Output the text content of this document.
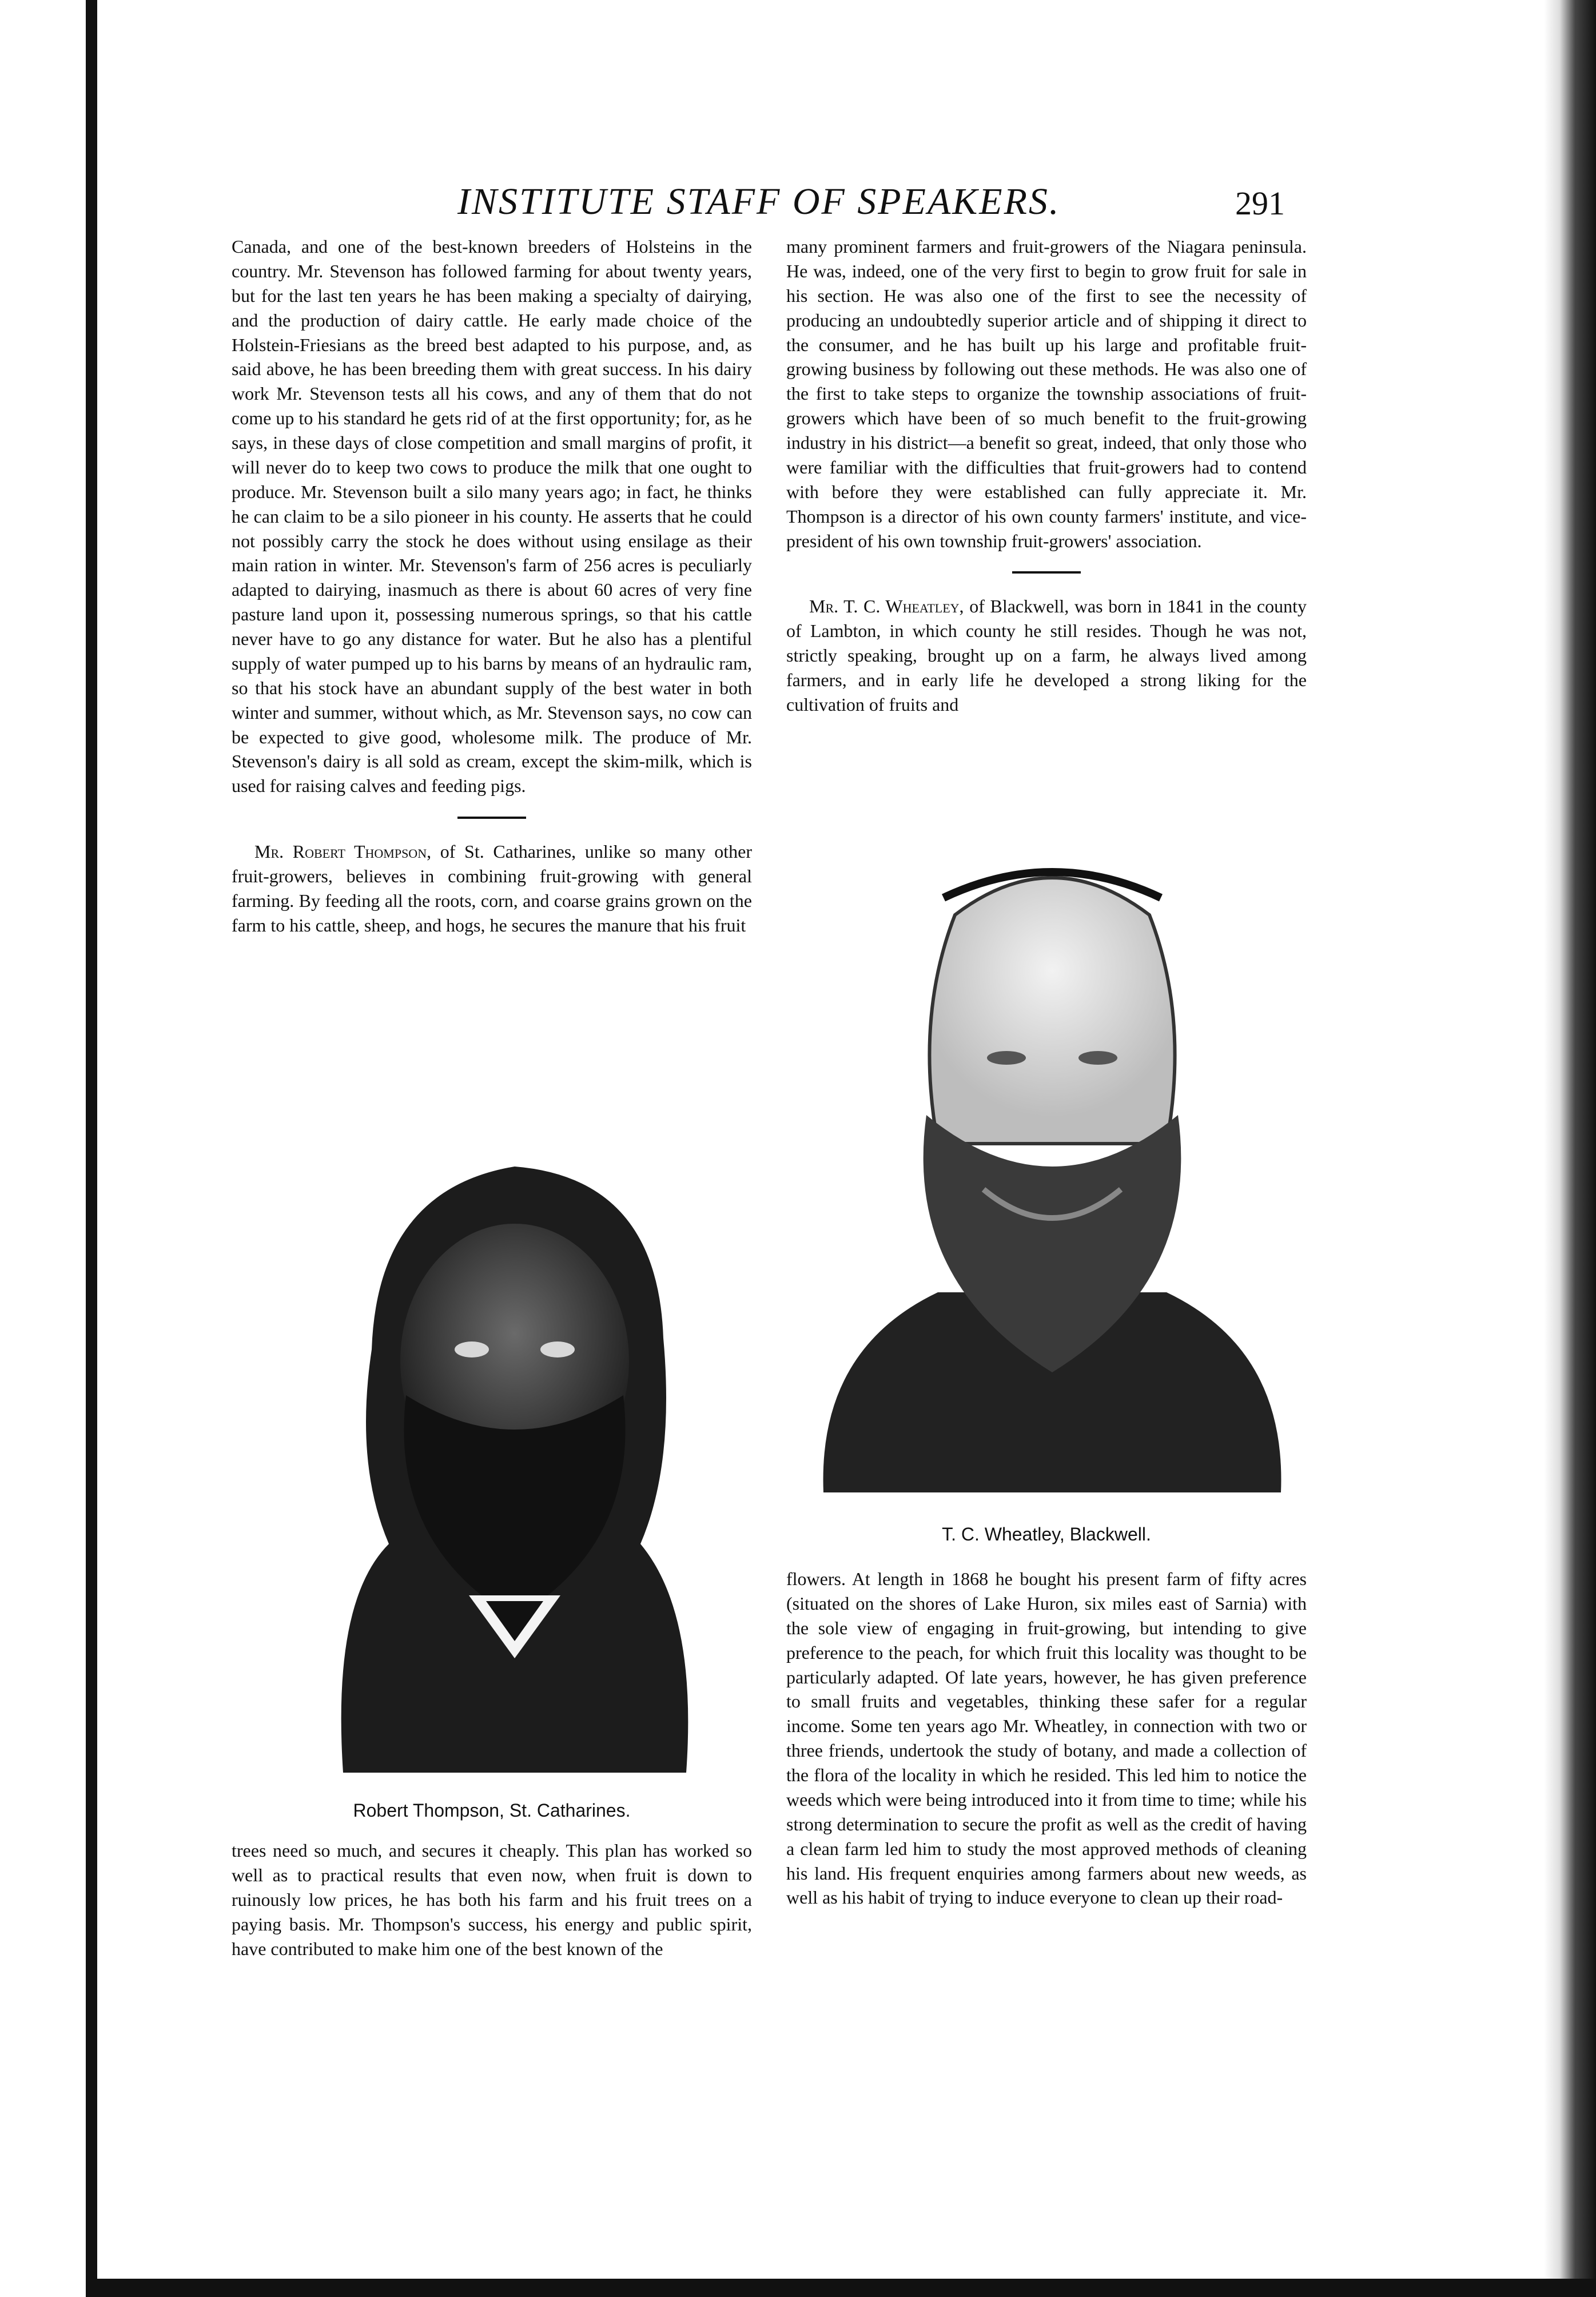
INSTITUTE STAFF OF SPEAKERS.	291

Canada, and one of the best-known breeders of Holsteins in the country. Mr. Stevenson has followed farming for about twenty years, but for the last ten years he has been making a specialty of dairying, and the production of dairy cattle. He early made choice of the Holstein-Friesians as the breed best adapted to his purpose, and, as said above, he has been breeding them with great success. In his dairy work Mr. Stevenson tests all his cows, and any of them that do not come up to his standard he gets rid of at the first opportunity; for, as he says, in these days of close competition and small margins of profit, it will never do to keep two cows to produce the milk that one ought to produce. Mr. Stevenson built a silo many years ago; in fact, he thinks he can claim to be a silo pioneer in his county. He asserts that he could not possibly carry the stock he does without using ensilage as their main ration in winter. Mr. Stevenson's farm of 256 acres is peculiarly adapted to dairying, inasmuch as there is about 60 acres of very fine pasture land upon it, possessing numerous springs, so that his cattle never have to go any distance for water. But he also has a plentiful supply of water pumped up to his barns by means of an hydraulic ram, so that his stock have an abundant supply of the best water in both winter and summer, without which, as Mr. Stevenson says, no cow can be expected to give good, wholesome milk. The produce of Mr. Stevenson's dairy is all sold as cream, except the skim-milk, which is used for raising calves and feeding pigs.

Mr. Robert Thompson, of St. Catharines, unlike so many other fruit-growers, believes in combining fruit-growing with general farming. By feeding all the roots, corn, and coarse grains grown on the farm to his cattle, sheep, and hogs, he secures the manure that his fruit

Robert Thompson, St. Catharines.

trees need so much, and secures it cheaply. This plan has worked so well as to practical results that even now, when fruit is down to ruinously low prices, he has both his farm and his fruit trees on a paying basis. Mr. Thompson's success, his energy and public spirit, have contributed to make him one of the best known of the

many prominent farmers and fruit-growers of the Niagara peninsula. He was, indeed, one of the very first to begin to grow fruit for sale in his section. He was also one of the first to see the necessity of producing an undoubtedly superior article and of shipping it direct to the consumer, and he has built up his large and profitable fruit-growing business by following out these methods. He was also one of the first to take steps to organize the township associations of fruit-growers which have been of so much benefit to the fruit-growing industry in his district—a benefit so great, indeed, that only those who were familiar with the difficulties that fruit-growers had to contend with before they were established can fully appreciate it. Mr. Thompson is a director of his own county farmers' institute, and vice-president of his own township fruit-growers' association.

Mr. T. C. Wheatley, of Blackwell, was born in 1841 in the county of Lambton, in which county he still resides. Though he was not, strictly speaking, brought up on a farm, he always lived among farmers, and in early life he developed a strong liking for the cultivation of fruits and

T. C. Wheatley, Blackwell.

flowers. At length in 1868 he bought his present farm of fifty acres (situated on the shores of Lake Huron, six miles east of Sarnia) with the sole view of engaging in fruit-growing, but intending to give preference to the peach, for which fruit this locality was thought to be particularly adapted. Of late years, however, he has given preference to small fruits and vegetables, thinking these safer for a regular income. Some ten years ago Mr. Wheatley, in connection with two or three friends, undertook the study of botany, and made a collection of the flora of the locality in which he resided. This led him to notice the weeds which were being introduced into it from time to time; while his strong determination to secure the profit as well as the credit of having a clean farm led him to study the most approved methods of cleaning his land. His frequent enquiries among farmers about new weeds, as well as his habit of trying to induce everyone to clean up their road-
